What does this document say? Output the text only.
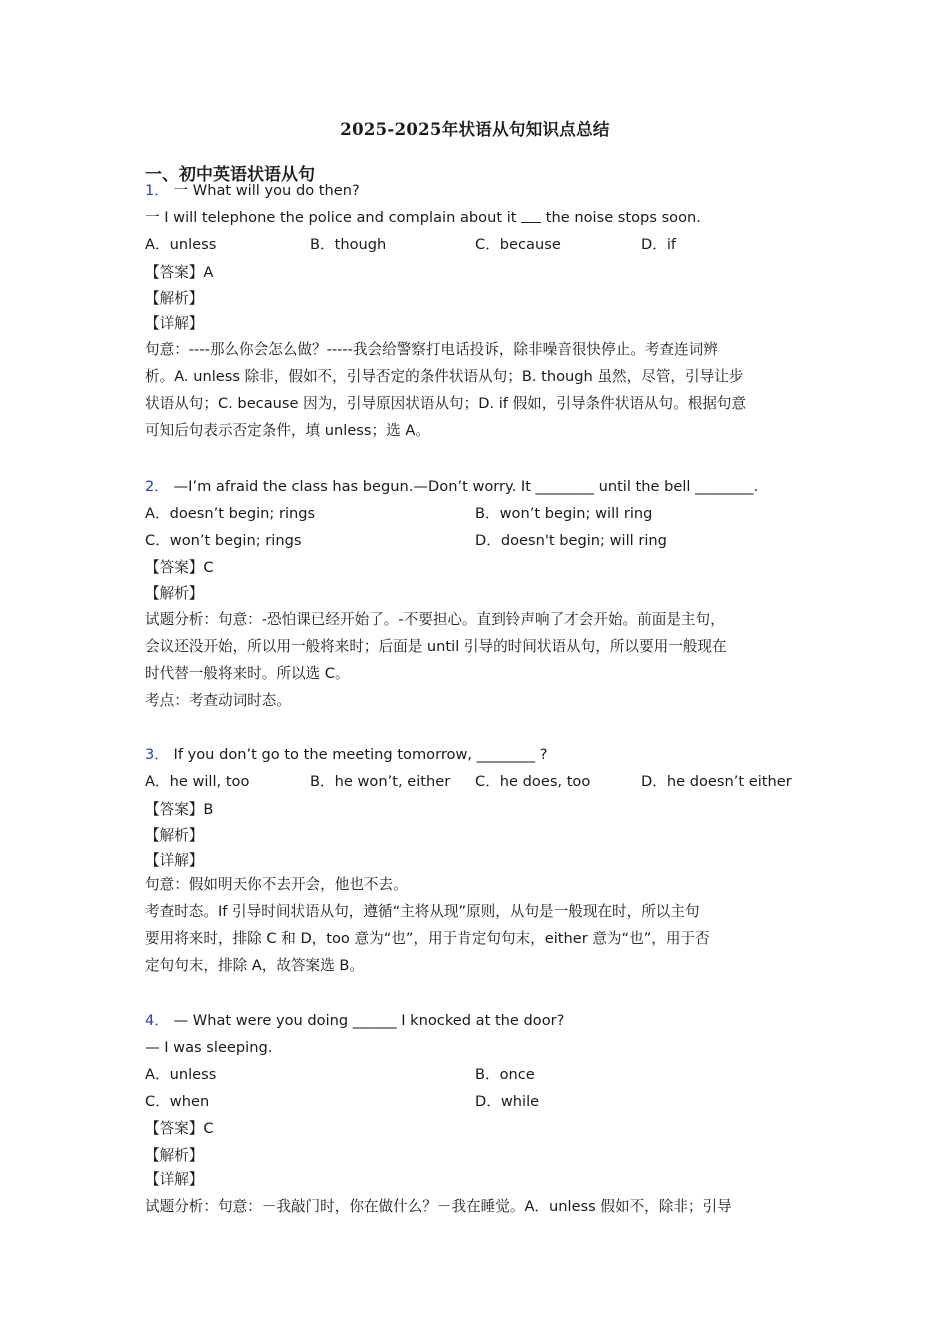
2025-2025年状语从句知识点总结
一、初中英语状语从句
1． 一 What will you do then?
一 I will telephone the police and complain about it the noise stops soon.
A．unless	B．though	C．because	D．if
【答案】A
【解析】
【详解】
句意：----那么你会怎么做？-----我会给警察打电话投诉，除非噪音很快停止。考查连词辨
析。A. unless 除非，假如不，引导否定的条件状语从句；B. though 虽然，尽管，引导让步
状语从句；C. because 因为，引导原因状语从句；D. if 假如，引导条件状语从句。根据句意
可知后句表示否定条件，填 unless；选 A。
2． —I’m afraid the class has begun.—Don’t worry. It ________ until the bell ________.
A．doesn’t begin; rings	B．won’t begin; will ring
C．won’t begin; rings	D．doesn't begin; will ring
【答案】C
【解析】
试题分析：句意：-恐怕课已经开始了。-不要担心。直到铃声响了才会开始。前面是主句，
会议还没开始，所以用一般将来时；后面是 until 引导的时间状语从句，所以要用一般现在
时代替一般将来时。所以选 C。
考点：考查动词时态。
3． If you don’t go to the meeting tomorrow, ________ ?
A．he will, too	B．he won’t, either C．he does, too	D．he doesn’t either
【答案】B
【解析】
【详解】
句意：假如明天你不去开会，他也不去。
考查时态。If 引导时间状语从句，遵循“主将从现”原则，从句是一般现在时，所以主句
要用将来时，排除 C 和 D，too 意为“也”，用于肯定句句末，either 意为“也”，用于否
定句句末，排除 A，故答案选 B。
4． — What were you doing ______ I knocked at the door?
— I was sleeping.
A．unless	B．once
C．when	D．while
【答案】C
【解析】
【详解】
试题分析：句意：－我敲门时，你在做什么？－我在睡觉。A．unless 假如不，除非；引导
